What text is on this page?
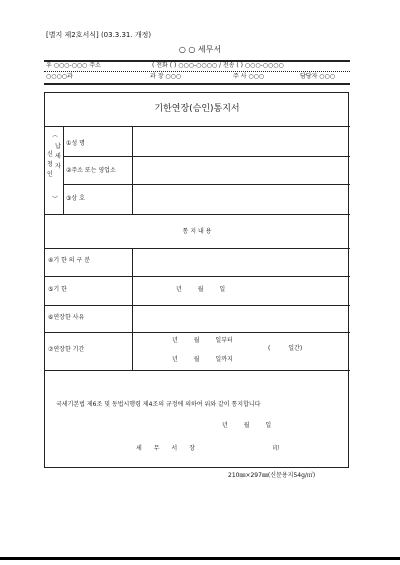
[별지 제2호서식] (03.3.31. 개정)
○ ○ 세무서
우 ○○○-○○○ 주소	( 전화 ( ) ○○○-○○○○ / 전송 ( ) ○○○-○○○○
○○○○과	과 장 ○○○	주 사 ○○○	담당자 ○○○
기한연장(승인)통지서
︵
신 청 인
납 세 자
︶
①성 명
②주소 또는 영업소
③상 호
통 지 내 용
④기 한 의 구 분
⑤기 한	년 월 일
⑥연장한 사유
⑦연장한 기간
년 월 일부터
( 일간)
년 월 일까지
국세기본법 제6조 및 동법시행령 제4조의 규정에 의하여 위와 같이 통지합니다
년 월 일
세 무 서 장	印
210㎜×297㎜(신문용지54g/㎡)
